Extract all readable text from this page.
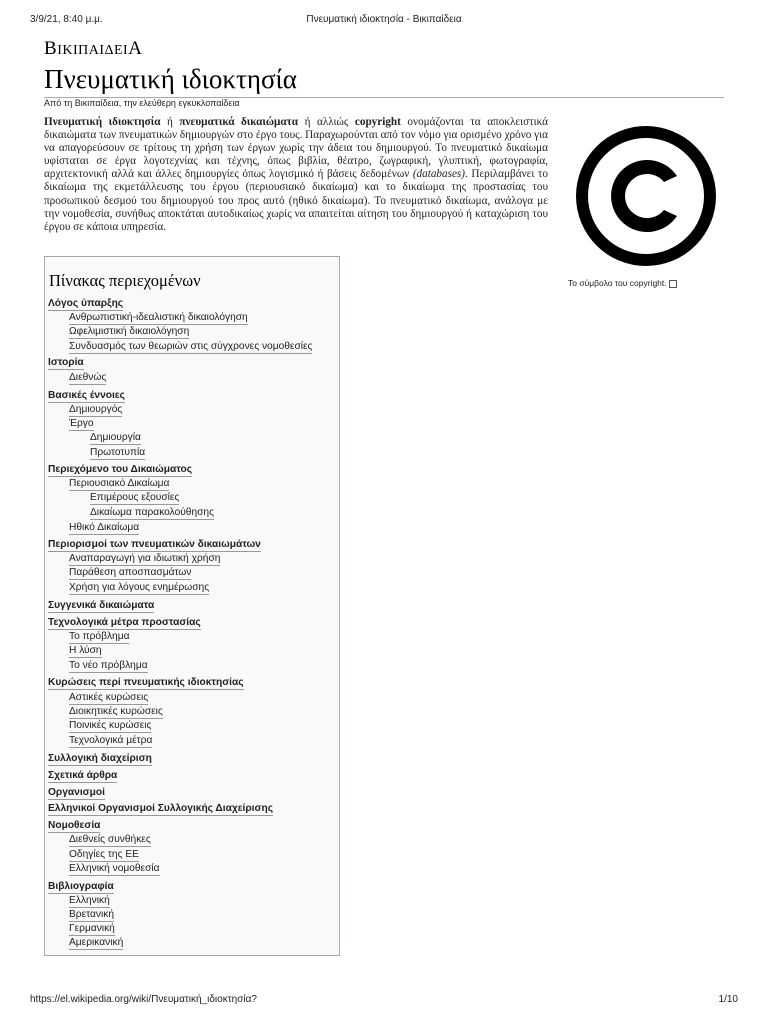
3/9/21, 8:40 μ.μ.	Πνευματική ιδιοκτησία - Βικιπαίδεια
ΒΙΚΙΠΑΙΔΕΙΑ
Πνευματική ιδιοκτησία
Από τη Βικιπαίδεια, την ελεύθερη εγκυκλοπαίδεια
Πνευματική ιδιοκτησία ή πνευματικά δικαιώματα ή αλλιώς copyright ονομάζονται τα αποκλειστικά δικαιώματα των πνευματικών δημιουργών στο έργο τους. Παραχωρούνται από τον νόμο για ορισμένο χρόνο για να απαγορεύσουν σε τρίτους τη χρήση των έργων χωρίς την άδεια του δημιουργού. Το πνευματικό δικαίωμα υφίσταται σε έργα λογοτεχνίας και τέχνης, όπως βιβλία, θέατρο, ζωγραφική, γλυπτική, φωτογραφία, αρχιτεκτονική αλλά και άλλες δημιουργίες όπως λογισμικό ή βάσεις δεδομένων (databases). Περιλαμβάνει το δικαίωμα της εκμετάλλευσης του έργου (περιουσιακό δικαίωμα) και το δικαίωμα της προστασίας του προσωπικού δεσμού του δημιουργού του προς αυτό (ηθικό δικαίωμα). Το πνευματικό δικαίωμα, ανάλογα με την νομοθεσία, συνήθως αποκτάται αυτοδικαίως χωρίς να απαιτείται αίτηση του δημιουργού ή καταχώριση του έργου σε κάποια υπηρεσία.
Το σύμβολο του copyright.
Πίνακας περιεχομένων
Λόγος ύπαρξης
Ανθρωπιστική-ιδεαλιστική δικαιολόγηση
Ωφελιμιστική δικαιολόγηση
Συνδυασμός των θεωριών στις σύγχρονες νομοθεσίες
Ιστορία
Διεθνώς
Βασικές έννοιες
Δημιουργός
Έργο
Δημιουργία
Πρωτοτυπία
Περιεχόμενο του Δικαιώματος
Περιουσιακό Δικαίωμα
Επιμέρους εξουσίες
Δικαίωμα παρακολούθησης
Ηθικό Δικαίωμα
Περιορισμοί των πνευματικών δικαιωμάτων
Αναπαραγωγή για ιδιωτική χρήση
Παράθεση αποσπασμάτων
Χρήση για λόγους ενημέρωσης
Συγγενικά δικαιώματα
Τεχνολογικά μέτρα προστασίας
Το πρόβλημα
Η λύση
Το νέο πρόβλημα
Κυρώσεις περί πνευματικής ιδιοκτησίας
Αστικές κυρώσεις
Διοικητικές κυρώσεις
Ποινικές κυρώσεις
Τεχνολογικά μέτρα
Συλλογική διαχείριση
Σχετικά άρθρα
Οργανισμοί
Ελληνικοί Οργανισμοί Συλλογικής Διαχείρισης
Νομοθεσία
Διεθνείς συνθήκες
Οδηγίες της ΕΕ
Ελληνική νομοθεσία
Βιβλιογραφία
Ελληνική
Βρετανική
Γερμανική
Αμερικανική
https://el.wikipedia.org/wiki/Πνευματική_ιδιοκτησία?	1/10
